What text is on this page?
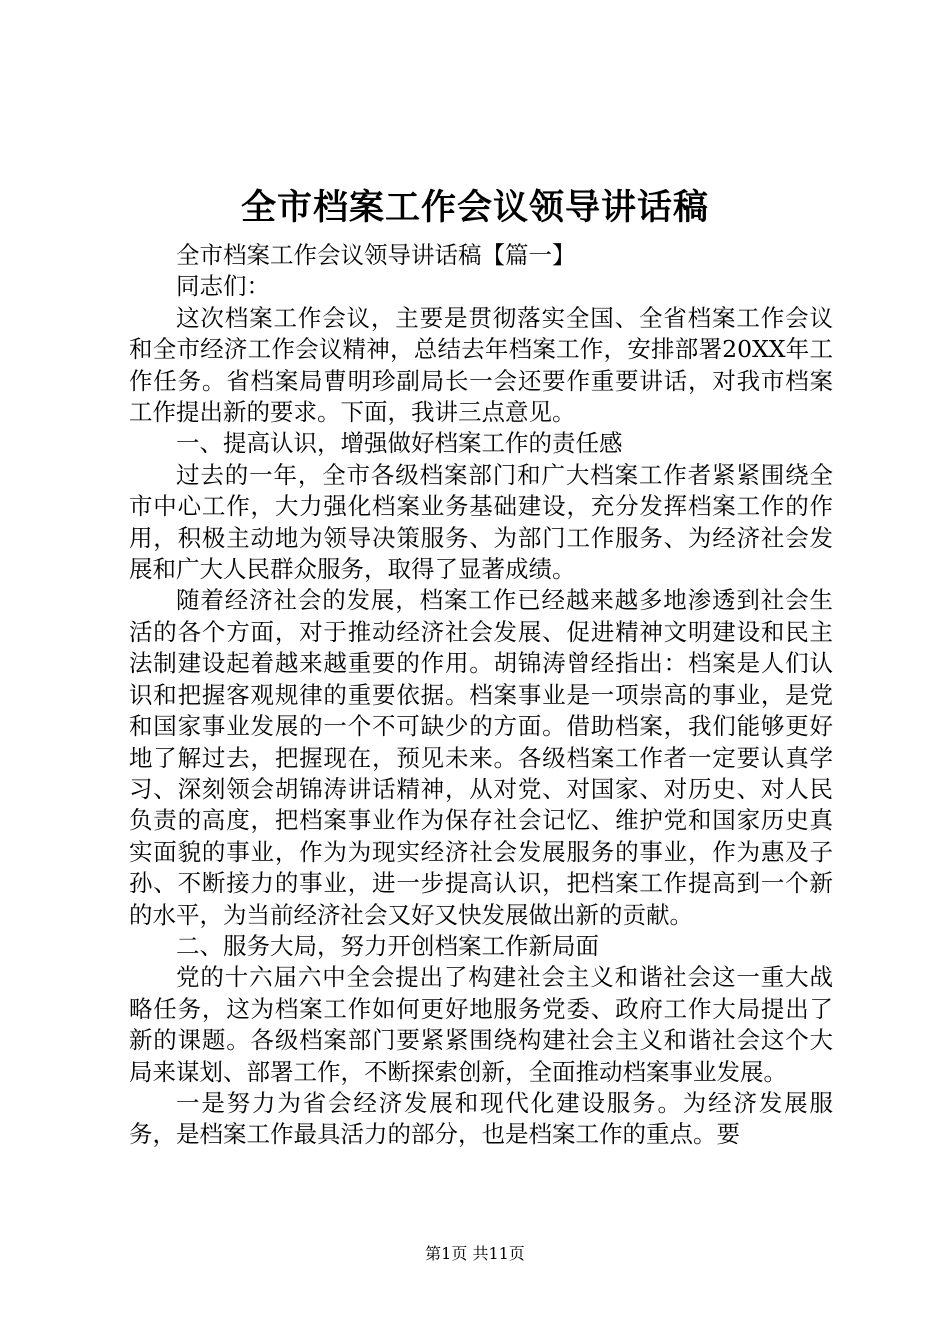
全市档案工作会议领导讲话稿

全市档案工作会议领导讲话稿【篇一】

同志们：

这次档案工作会议，主要是贯彻落实全国、全省档案工作会议和全市经济工作会议精神，总结去年档案工作，安排部署20XX年工作任务。省档案局曹明珍副局长一会还要作重要讲话，对我市档案工作提出新的要求。下面，我讲三点意见。

一、提高认识，增强做好档案工作的责任感

过去的一年，全市各级档案部门和广大档案工作者紧紧围绕全市中心工作，大力强化档案业务基础建设，充分发挥档案工作的作用，积极主动地为领导决策服务、为部门工作服务、为经济社会发展和广大人民群众服务，取得了显著成绩。

随着经济社会的发展，档案工作已经越来越多地渗透到社会生活的各个方面，对于推动经济社会发展、促进精神文明建设和民主法制建设起着越来越重要的作用。胡锦涛曾经指出：档案是人们认识和把握客观规律的重要依据。档案事业是一项崇高的事业，是党和国家事业发展的一个不可缺少的方面。借助档案，我们能够更好地了解过去，把握现在，预见未来。各级档案工作者一定要认真学习、深刻领会胡锦涛讲话精神，从对党、对国家、对历史、对人民负责的高度，把档案事业作为保存社会记忆、维护党和国家历史真实面貌的事业，作为为现实经济社会发展服务的事业，作为惠及子孙、不断接力的事业，进一步提高认识，把档案工作提高到一个新的水平，为当前经济社会又好又快发展做出新的贡献。

二、服务大局，努力开创档案工作新局面

党的十六届六中全会提出了构建社会主义和谐社会这一重大战略任务，这为档案工作如何更好地服务党委、政府工作大局提出了新的课题。各级档案部门要紧紧围绕构建社会主义和谐社会这个大局来谋划、部署工作，不断探索创新，全面推动档案事业发展。

一是努力为省会经济发展和现代化建设服务。为经济发展服务，是档案工作最具活力的部分，也是档案工作的重点。要

第1页 共11页
